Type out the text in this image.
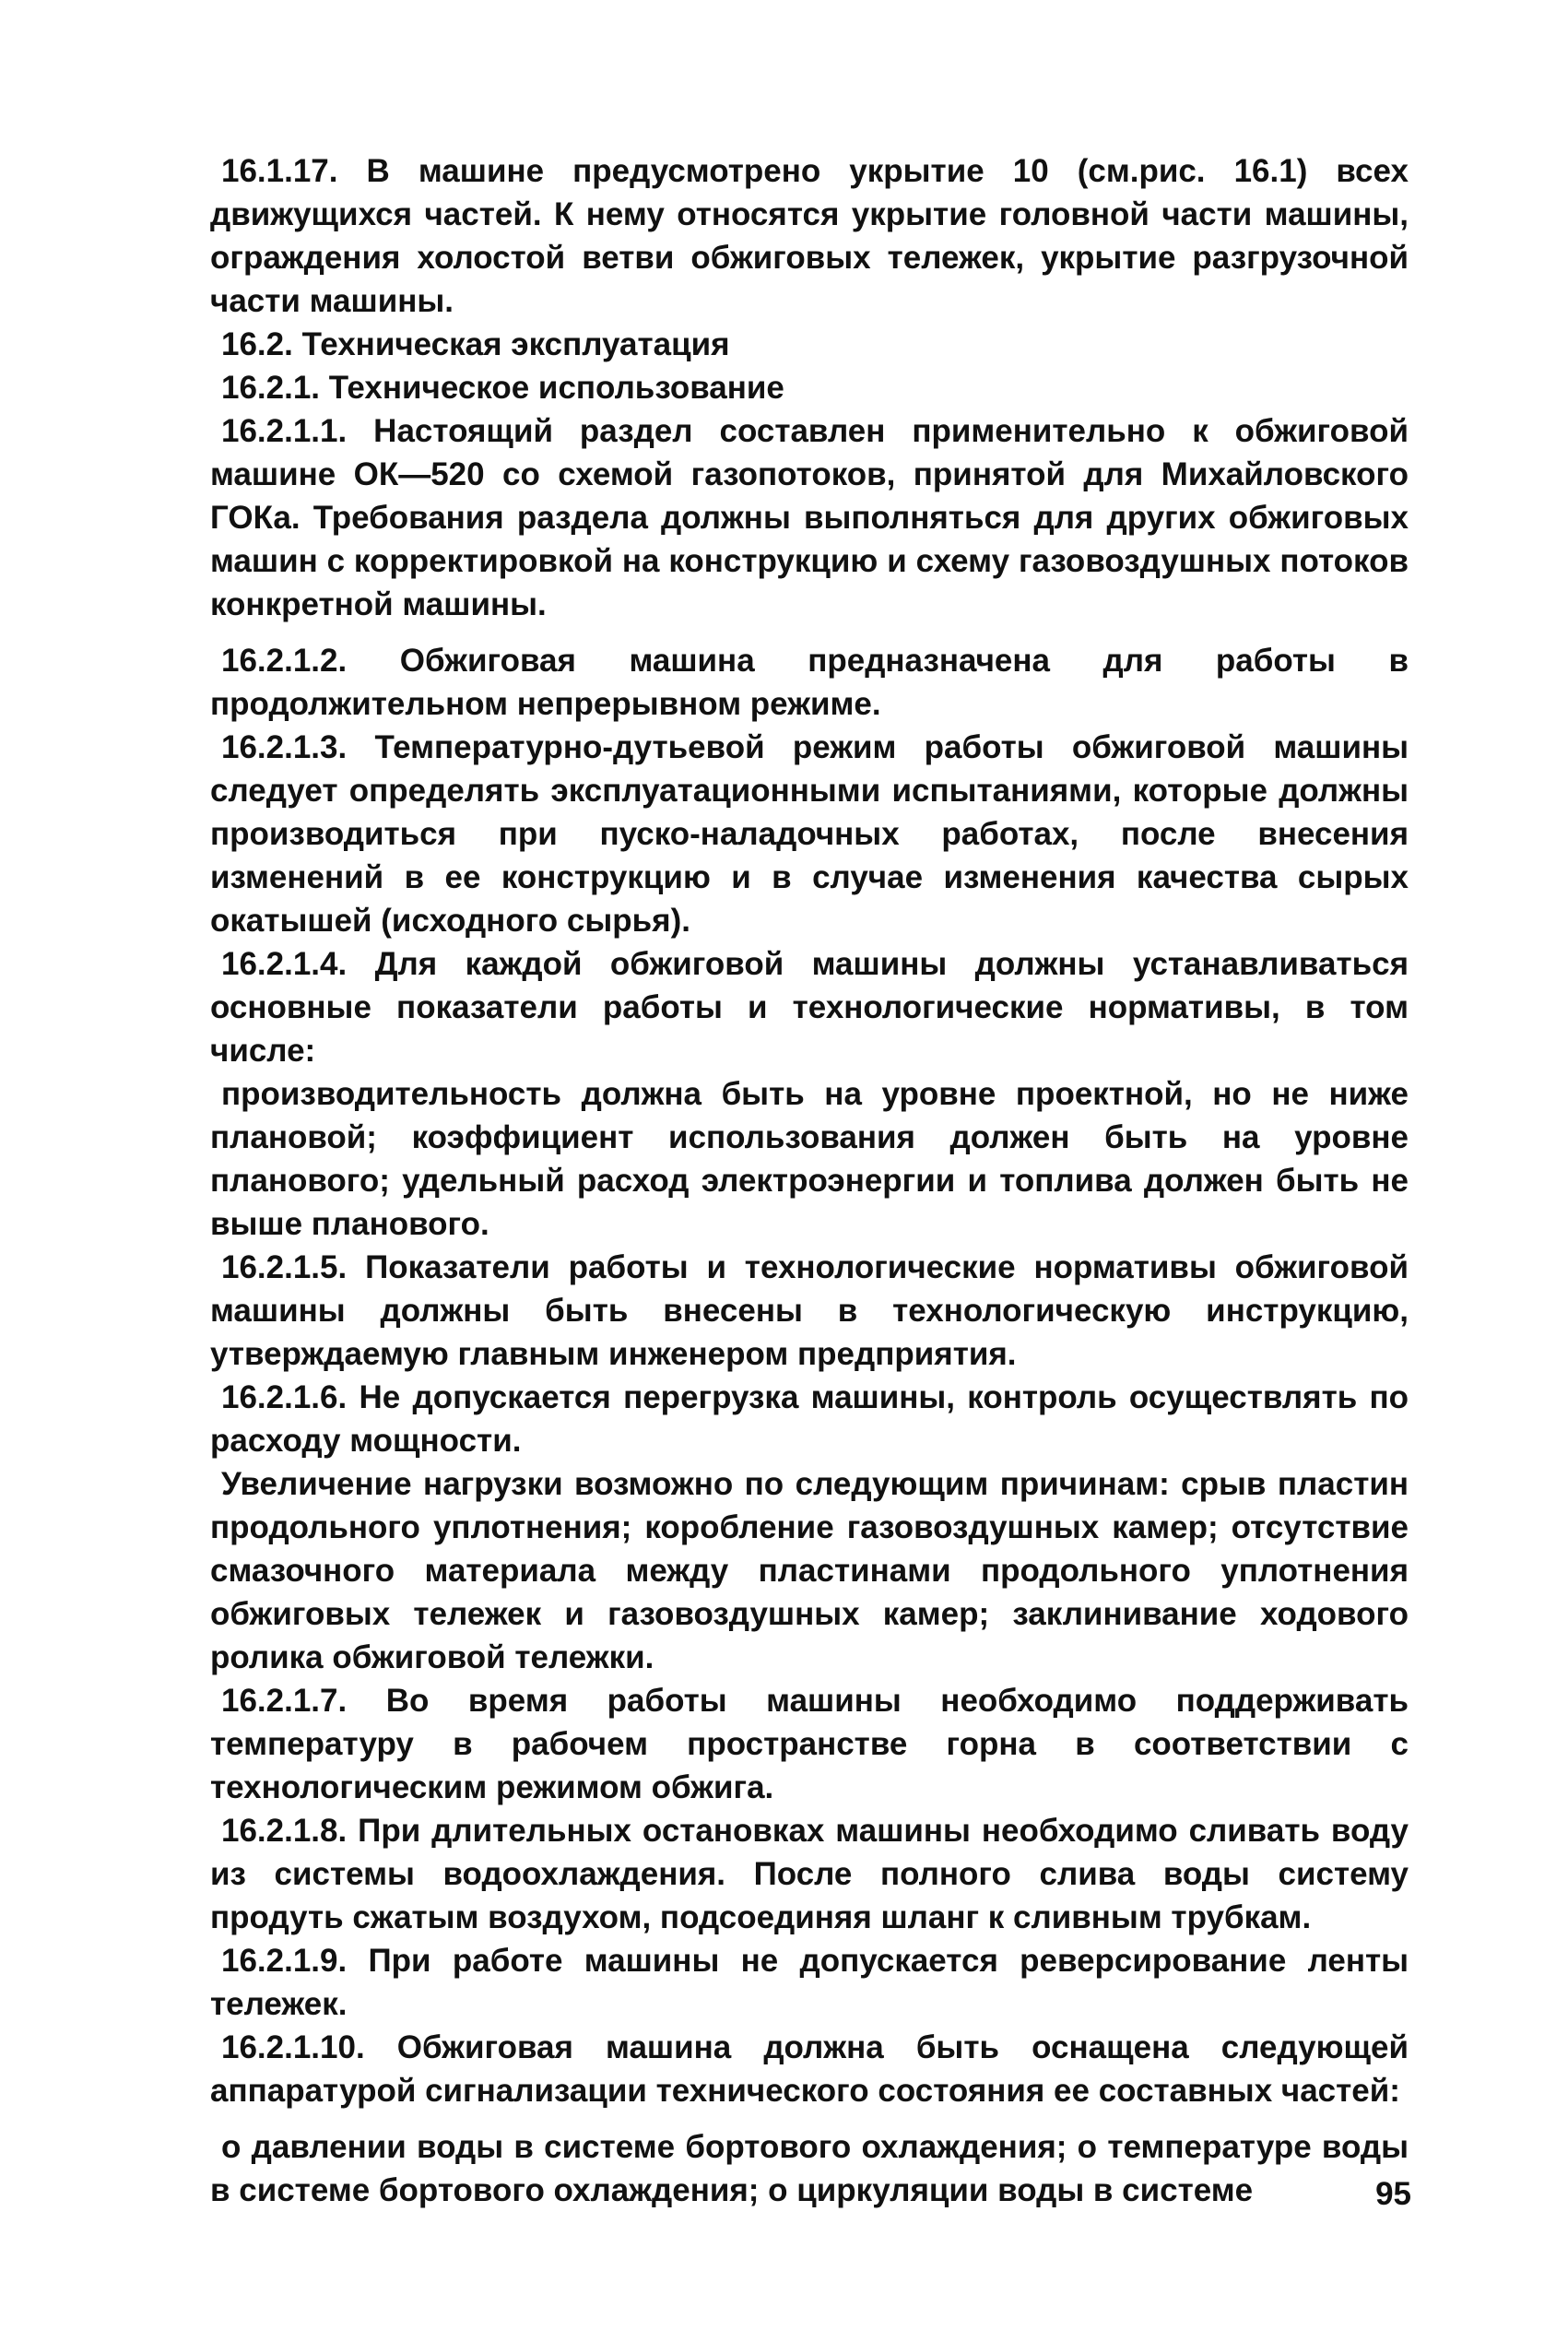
16.1.17. В машине предусмотрено укрытие 10 (см.рис. 16.1) всех движущихся частей. К нему относятся укрытие головной части машины, ограждения холостой ветви обжиговых тележек, укрытие разгрузочной части машины.

16.2. Техническая эксплуатация

16.2.1. Техническое использование

16.2.1.1. Настоящий раздел составлен применительно к обжиговой машине ОК—520 со схемой газопотоков, принятой для Михайловского ГОКа. Требования раздела должны выполняться для других обжиговых машин с корректировкой на конструкцию и схему газовоздушных потоков конкретной машины.

16.2.1.2. Обжиговая машина предназначена для работы в продолжительном непрерывном режиме.

16.2.1.3. Температурно-дутьевой режим работы обжиговой машины следует определять эксплуатационными испытаниями, которые должны производиться при пуско-наладочных работах, после внесения изменений в ее конструкцию и в случае изменения качества сырых окатышей (исходного сырья).

16.2.1.4. Для каждой обжиговой машины должны устанавливаться основные показатели работы и технологические нормативы, в том числе:

производительность должна быть на уровне проектной, но не ниже плановой; коэффициент использования должен быть на уровне планового; удельный расход электроэнергии и топлива должен быть не выше планового.

16.2.1.5. Показатели работы и технологические нормативы обжиговой машины должны быть внесены в технологическую инструкцию, утверждаемую главным инженером предприятия.

16.2.1.6. Не допускается перегрузка машины, контроль осуществлять по расходу мощности.

Увеличение нагрузки возможно по следующим причинам: срыв пластин продольного уплотнения; коробление газовоздушных камер; отсутствие смазочного материала между пластинами продольного уплотнения обжиговых тележек и газовоздушных камер; заклинивание ходового ролика обжиговой тележки.

16.2.1.7. Во время работы машины необходимо поддерживать температуру в рабочем пространстве горна в соответствии с технологическим режимом обжига.

16.2.1.8. При длительных остановках машины необходимо сливать воду из системы водоохлаждения. После полного слива воды систему продуть сжатым воздухом, подсоединяя шланг к сливным трубкам.

16.2.1.9. При работе машины не допускается реверсирование ленты тележек.

16.2.1.10. Обжиговая машина должна быть оснащена следующей аппаратурой сигнализации технического состояния ее составных частей:

о давлении воды в системе бортового охлаждения; о температуре воды в системе бортового охлаждения; о циркуляции воды в системе	95
